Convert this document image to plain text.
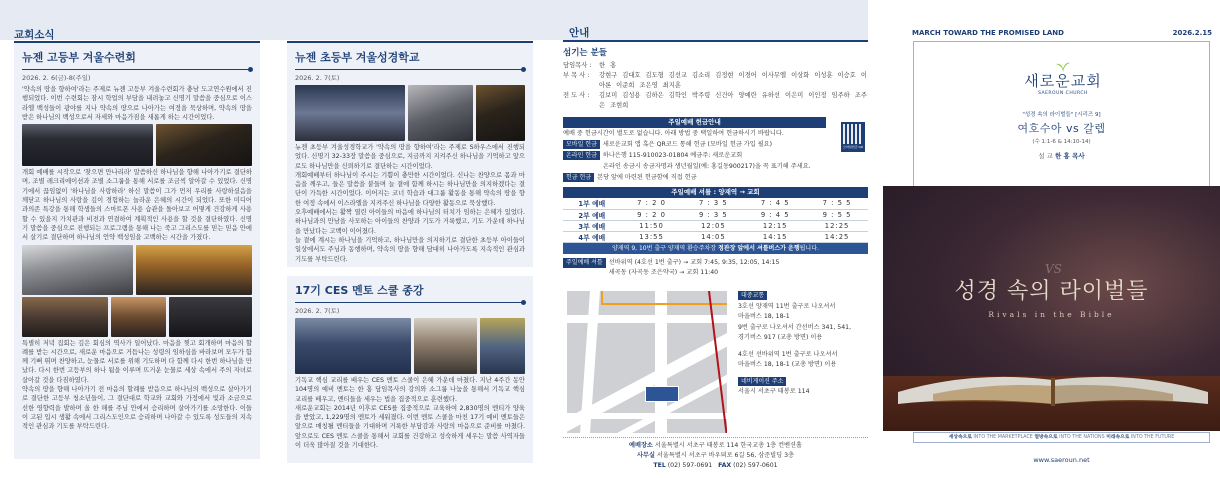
교회소식
뉴젠 고등부 겨울수련회
2026. 2. 6(금)-8(주일)
'약속의 땅을 향하여'라는 주제로 뉴젠 고등부 겨울수련회가 충남 도고연수원에서 진행되었다. 이번 수련회는 잠시 학업의 부담을 내려놓고 신명기 말씀을 중심으로 이스라엘 백성들이 광야를 지나 약속의 땅으로 나아가는 여정을 묵상하며, 약속의 땅을 받은 하나님의 백성으로서 자세와 마음가짐을 새롭게 하는 시간이었다.
개회 예배를 시작으로 '찾으면 만나리라' 말씀하신 하나님을 향해 나아가기로 결단하며, 조별 레크리에이션과 조별 소그룹을 통해 서로를 조금씩 알아갈 수 있었다. 신명기에서 끊임없이 '하나님을 사랑하라' 하신 말씀이 그가 먼저 우리를 사랑하셨음을 깨닫고 하나님의 사랑을 깊이 경험하는 놀라운 은혜의 시간이 되었다. 또한 미디어 과의존 특강을 통해 학생들의 스마트폰 사용 습관을 돌아보고 어떻게 건강하게 사용할 수 있을지 가치관과 비전과 연결하여 계획적인 사용을 할 것을 결단하였다. 신명기 말씀을 중심으로 진행되는 프로그램을 통해 나는 죽고 그리스도를 믿는 믿음 안에서 살기로 결단하며 하나님의 언약 백성임을 고백하는 시간을 가졌다.
특별히 저녁 집회는 깊은 회심의 역사가 일어났다. 마음을 찢고 회개하며 마음의 할례를 받는 시간으로, 새로운 마음으로 거듭나는 성령의 임하심을 바라보며 모두가 함께 기뻐 뛰며 찬양하고, 눈물로 서로를 위해 기도하며 다 함께 다시 한번 하나님을 만났다. 다시 한번 고등부의 하나 됨을 이루며 뜨거운 눈물로 세상 속에서 주의 자녀로 살아갈 것을 다짐하였다.
약속의 땅을 향해 나아가기 전 마음의 할례를 받음으로 하나님의 백성으로 살아가기로 결단한 고등부 청소년들이, 그 결단대로 학교와 교회와 가정에서 빛과 소금으로 선한 영향력을 발하며 올 한 해를 주님 안에서 승리하며 살아가기를 소망한다. 이들이 고된 입시 생활 속에서 그리스도인으로 승리하며 나아갈 수 있도록 성도들의 지속적인 관심과 기도를 부탁드린다.
뉴젠 초등부 겨울성경학교
2026. 2. 7(토)
뉴젠 초등부 겨울성경학교가 '약속의 땅을 향하여'라는 주제로 S하우스에서 진행되었다. 신명기 32-33장 말씀을 중심으로, 지금까지 지켜주신 하나님을 기억하고 앞으로도 하나님만을 신뢰하기로 결단하는 시간이었다.
개회예배부터 하나님이 주시는 기쁨이 충만한 시간이었다. 신나는 찬양으로 몸과 마음을 깨우고, 들은 말씀을 붙들며 늘 곁에 함께 하시는 하나님만을 의지하겠다는 결단이 가득한 시간이었다. 이어지는 코너 학습과 대그룹 활동을 통해 약속의 땅을 향한 여정 속에서 이스라엘을 지켜주신 하나님을 다양한 활동으로 묵상했다.
오후예배에서는 활짝 열린 아이들의 마음에 하나님의 터치가 임하는 은혜가 있었다. 하나님과의 만남을 사모하는 아이들의 찬양과 기도가 거룩했고, 기도 가운데 하나님을 만났다는 고백이 이어졌다.
늘 곁에 계시는 하나님을 기억하고, 하나님만을 의지하기로 결단한 초등부 아이들이 일상에서도 주님과 동행하며, 약속의 땅을 향해 담대히 나아가도록 지속적인 관심과 기도를 부탁드린다.
17기 CES 멘토 스쿨 종강
2026. 2. 7(토)
기독교 핵심 교리를 배우는 CES 멘토 스쿨이 은혜 가운데 마쳤다. 지난 4주간 동안 104명의 예비 멘토는 한 홍 담임목사의 강의와 소그룹 나눔을 통해서 기독교 핵심 교리를 배우고, 멘티들을 세우는 법을 집중적으로 훈련했다.
새로운교회는 2014년 이후로 CES를 집중적으로 교육하여 2,830명의 멘티가 양육을 받았고, 1,229명의 멘토가 세워졌다. 이번 멘토 스쿨을 마친 17기 예비 멘토들은 앞으로 매칭될 멘티들을 기대하며 거룩한 부담감과 사랑의 마음으로 준비를 마쳤다. 앞으로도 CES 멘토 스쿨을 통해서 교회를 건강하고 성숙하게 세우는 말씀 사역자들이 더욱 많아질 것을 기대한다.
안내
섬기는 분들
담임목사 :	한 홍
부 목 사 :	강현구 김대호 김도형 김선교 김소리 김정현 이경어 이사무엘 이상화 이성훈 이승호 이아론 이준희 조은영 최지훈
전 도 사 :	김보미 김성용 김하은 김학인 박주령 신건아 양예란 유하선 이은미 이인정 임주하 조주은 조현희
주일예배 헌금안내
예배 중 헌금시간이 별도로 없습니다. 아래 방법 중 택일하여 헌금하시기 바랍니다.
모바일 헌금 새로운교회 앱 혹은 QR코드 통해 헌금 (모바일 헌금 가입 필요)
온라인 헌금 하나은행 115-910023-01804 예금주: 새로운교회
온라인 송금시 송금자명과 생년월일(예: 홍길동900217)을 꼭 표기해 주세요.
헌금 헌금 본당 앞에 마련된 헌금함에 직접 헌금
모바일헌금 QR
주일예배 셔틀 : 양재역 → 교회
1부 예배	7 : 2 0	7 : 3 5	7 : 4 5	7 : 5 5
2부 예배	9 : 2 0	9 : 3 5	9 : 4 5	9 : 5 5
3부 예배	11:50	12:05	12:15	12:25
4부 예배	13:55	14:05	14:15	14:25
양재역 9, 10번 출구 양재역 환승주차장 정관장 앞에서 셔틀버스가 운행됩니다.
주일예배 셔틀 선바위역 (4호선 1번 출구) → 교회 7:45, 9:35, 12:05, 14:15
세곡동 (자곡동 조은약국) → 교회 11:40
대중교통
3호선 양재역 11번 출구로 나오셔서
마을버스 18, 18-1
9번 출구로 나오셔서 간선버스 341, 541,
경기버스 917 (교총 방면) 이용
4호선 선바위역 1번 출구로 나오셔서
마을버스 18, 18-1 (교총 방면) 이용
네비게이션 주소
서울시 서초구 태봉로 114
예배장소 서울특별시 서초구 태봉로 114 한국교총 1층 컨벤션홀
사무실 서울특별시 서초구 바우뫼로 6길 56, 삼준빌딩 3층
TEL (02) 597-0691 FAX (02) 597-0601
MARCH TOWARD THE PROMISED LAND	2026.2.15
새로운교회
SAEROUN CHURCH
"성경 속의 라이벌들" [시리즈 9]
여호수아 vs 갈렙
(수 1:1-6 & 14:10-14)
설 교 한 홍 목사
VS
성경 속의 라이벌들
Rivals in the Bible
세상속으로 INTO THE MARKETPLACE 열방속으로 INTO THE NATIONS 미래속으로 INTO THE FUTURE
www.saeroun.net
